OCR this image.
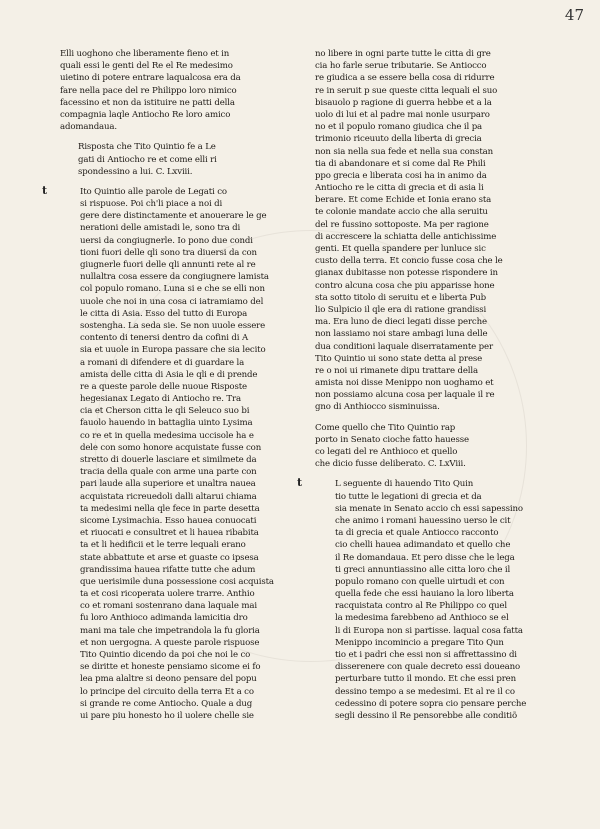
47
Elli uoghono che liberamente fieno et in
quali essi le genti del Re el Re medesimo
uietino di potere entrare laqualcosa era da
fare nella pace del re Philippo loro nimico
facessino et non da istituire ne patti della
compagnia laqle Antiocho Re loro amico
adomandaua.
Risposta che Tito Quintio fe a Le
gati di Antiocho re et come elli ri
spondessino a lui. C. Lxviii.
t	Ito Quintio alle parole de Legati co
si rispuose. Poi ch'li piace a noi di
gere dere distinctamente et anouerare le ge
nerationi delle amistadi le, sono tra di
uersi da congiugnerle. Io pono due condi
tioni fuori delle qli sono tra diuersi da con
giugnerle fuori delle qli annunti rete al re
nullaltra cosa essere da congiugnere lamista
col populo romano. Luna si e che se elli non
uuole che noi in una cosa ci iatramiamo del
le citta di Asia. Esso del tutto di Europa
sostengha. La seda sie. Se non uuole essere
contento di tenersi dentro da cofini di A
sia et uuole in Europa passare che sia lecito
a romani di difendere et di guardare la
amista delle citta di Asia le qli e di prende
re a queste parole delle nuoue Risposte
hegesianax Legato di Antiocho re. Tra
cia et Cherson citta le qli Seleuco suo bi
fauolo hauendo in battaglia uinto Lysima
co re et in quella medesima uccisole ha e
dele con somo honore acquistate fusse con
stretto di douerle lasciare et similmete da
tracia della quale con arme una parte con
pari laude alla superiore et unaltra nauea
acquistata ricreuedoli dalli altarui chiama
ta medesimi nella qle fece in parte desetta
sicome Lysimachia. Esso hauea conuocati
et riuocati e consultret et li hauea ribabita
ta et li hedificii et le terre lequali erano
state abbattute et arse et guaste co ipsesa
grandissima hauea rifatte tutte che adum
que uerisimile duna possessione cosi acquista
ta et cosi ricoperata uolere trarre. Anthio
co et romani sostenrano dana laquale mai
fu loro Anthioco adimanda lamicitia dro
mani ma tale che impetrandola la fu gloria
et non uergogna. A queste parole rispuose
Tito Quintio dicendo da poi che noi le co
se diritte et honeste pensiamo sicome ei fo
lea pma alaltre si deono pensare del popu
lo principe del circuito della terra Et a co
si grande re come Antiocho. Quale a dug
ui pare piu honesto ho il uolere chelle sie
no libere in ogni parte tutte le citta di gre
cia ho farle serue tributarie. Se Antiocco
re giudica a se essere bella cosa di ridurre
re in seruit p sue queste citta lequali el suo
bisauolo p ragione di guerra hebbe et a la
uolo di lui et al padre mai nonle usurparo
no et il populo romano giudica che il pa
trimonio riceuuto della liberta di grecia
non sia nella sua fede et nella sua constan
tia di abandonare et si come dal Re Phili
ppo grecia e liberata cosi ha in animo da
Antiocho re le citta di grecia et di asia li
berare. Et come Echide et Ionia erano sta
te colonie mandate accio che alla seruitu
del re fussino sottoposte. Ma per ragione
di accrescere la schiatta delle antichissime
genti. Et quella spandere per lunluce sic
custo della terra. Et concio fusse cosa che le
gianax dubitasse non potesse rispondere in
contro alcuna cosa che piu apparisse hone
sta sotto titolo di seruitu et e liberta Pub
lio Sulpicio il qle era di ratione grandissi
ma. Era luno de dieci legati disse perche
non lassiamo noi stare ambagi luna delle
dua conditioni laquale diserratamente per
Tito Quintio ui sono state detta al prese
re o noi ui rimanete dipu trattare della
amista noi disse Menippo non uoghamo et
non possiamo alcuna cosa per laquale il re
gno di Anthiocco sisminuissa.
Come quello che Tito Quintio rap
porto in Senato cioche fatto hauesse
co legati del re Anthioco et quello
che dicio fusse deliberato. C. LxViii.
t	L seguente di hauendo Tito Quin
tio tutte le legationi di grecia et da
sia menate in Senato accio ch essi sapessino
che animo i romani hauessino uerso le cit
ta di grecia et quale Antiocco racconto
cio chelli hauea adimandato et quello che
il Re domandaua. Et pero disse che le lega
ti greci annuntiassino alle citta loro che il
populo romano con quelle uirtudi et con
quella fede che essi hauiano la loro liberta
racquistata contro al Re Philippo co quel
la medesima farebbeno ad Anthioco se el
li di Europa non si partisse. laqual cosa fatta
Menippo incomincio a pregare Tito Qun
tio et i padri che essi non si affrettassino di
disserenere con quale decreto essi doueano
perturbare tutto il mondo. Et che essi pren
dessino tempo a se medesimi. Et al re il co
cedessino di potere sopra cio pensare perche
segli dessino il Re pensorebbe alle conditiõ
